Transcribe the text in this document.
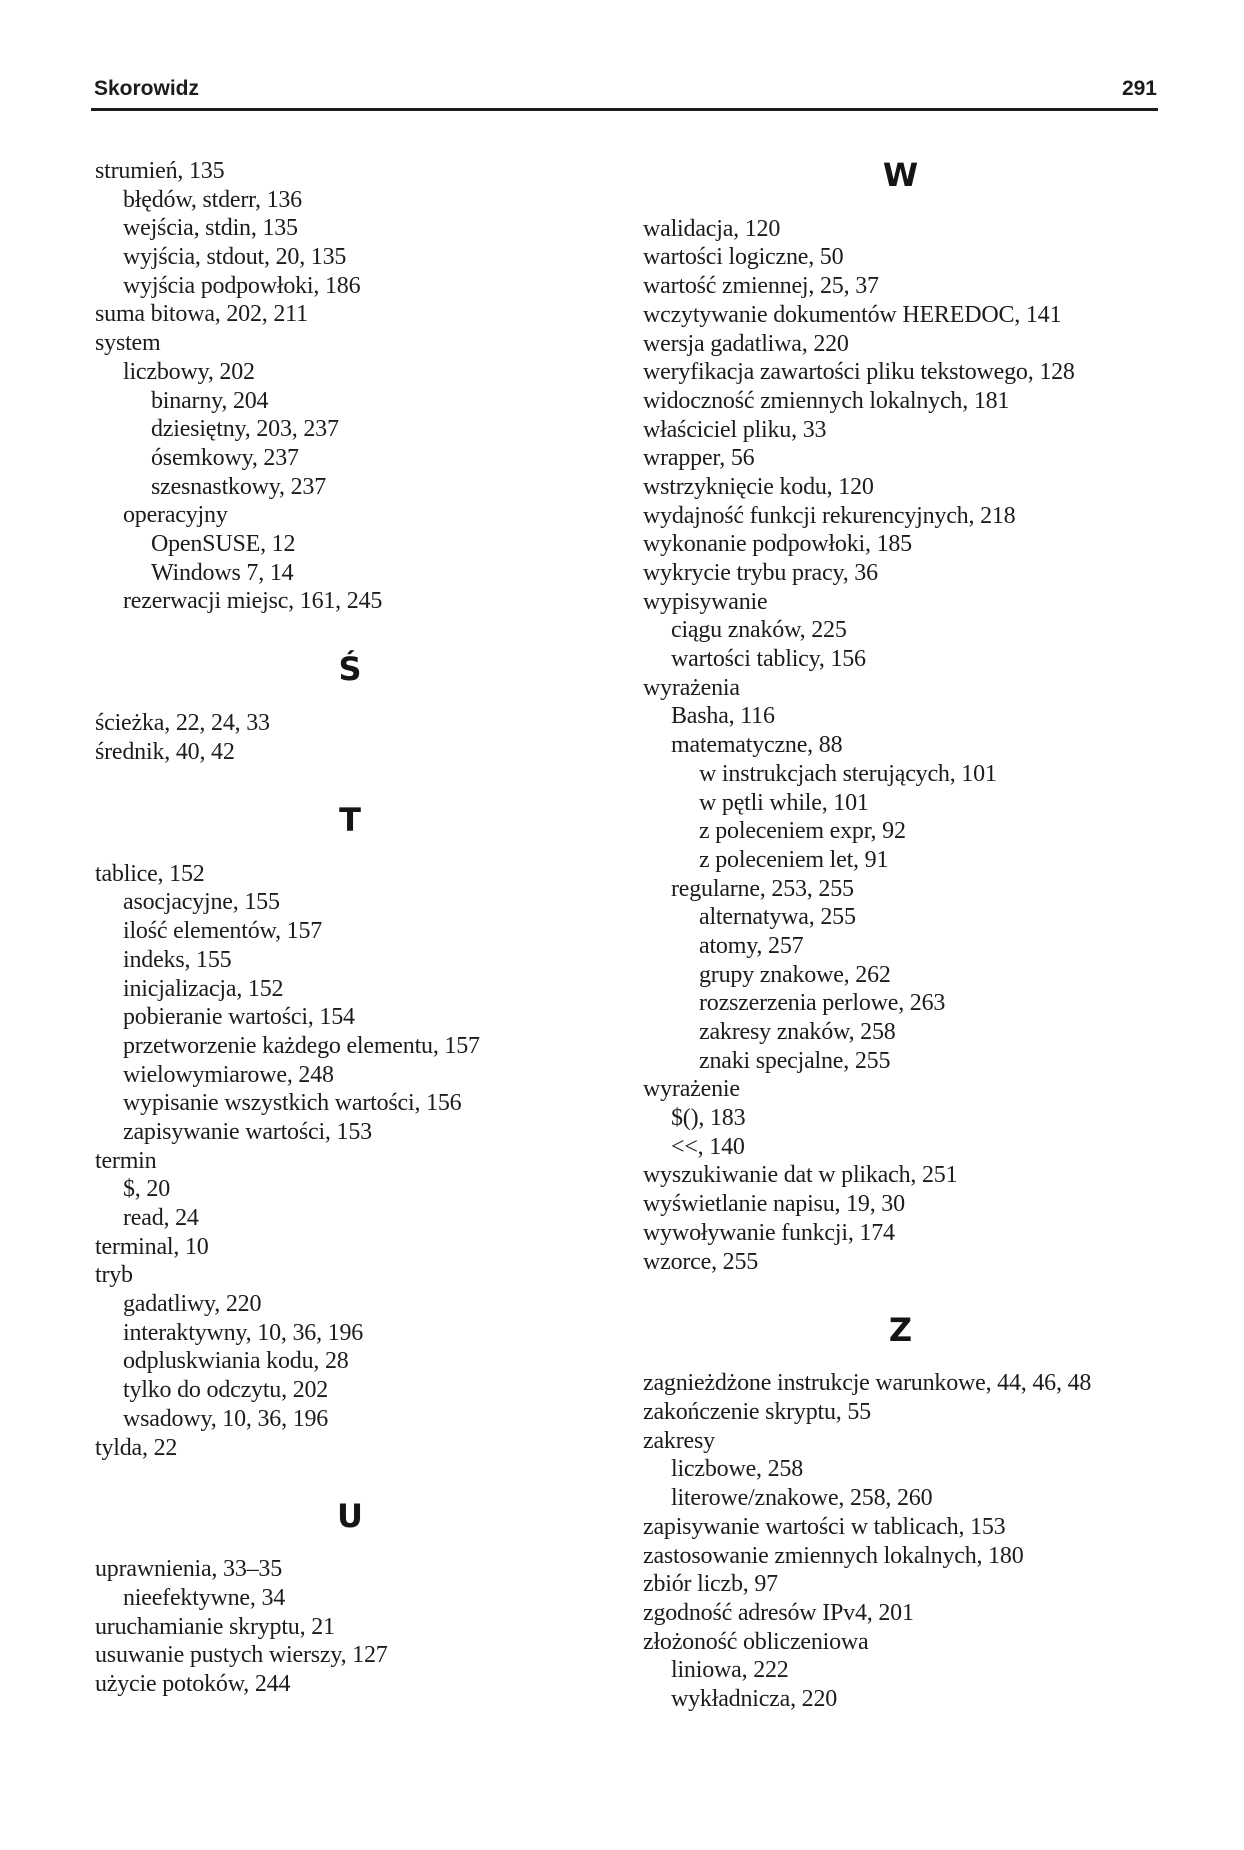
Skorowidz	291
strumień, 135
błędów, stderr, 136
wejścia, stdin, 135
wyjścia, stdout, 20, 135
wyjścia podpowłoki, 186
suma bitowa, 202, 211
system
liczbowy, 202
binarny, 204
dziesiętny, 203, 237
ósemkowy, 237
szesnastkowy, 237
operacyjny
OpenSUSE, 12
Windows 7, 14
rezerwacji miejsc, 161, 245
Ś
ścieżka, 22, 24, 33
średnik, 40, 42
T
tablice, 152
asocjacyjne, 155
ilość elementów, 157
indeks, 155
inicjalizacja, 152
pobieranie wartości, 154
przetworzenie każdego elementu, 157
wielowymiarowe, 248
wypisanie wszystkich wartości, 156
zapisywanie wartości, 153
termin
$, 20
read, 24
terminal, 10
tryb
gadatliwy, 220
interaktywny, 10, 36, 196
odpluskwiania kodu, 28
tylko do odczytu, 202
wsadowy, 10, 36, 196
tylda, 22
U
uprawnienia, 33–35
nieefektywne, 34
uruchamianie skryptu, 21
usuwanie pustych wierszy, 127
użycie potoków, 244
W
walidacja, 120
wartości logiczne, 50
wartość zmiennej, 25, 37
wczytywanie dokumentów HEREDOC, 141
wersja gadatliwa, 220
weryfikacja zawartości pliku tekstowego, 128
widoczność zmiennych lokalnych, 181
właściciel pliku, 33
wrapper, 56
wstrzyknięcie kodu, 120
wydajność funkcji rekurencyjnych, 218
wykonanie podpowłoki, 185
wykrycie trybu pracy, 36
wypisywanie
ciągu znaków, 225
wartości tablicy, 156
wyrażenia
Basha, 116
matematyczne, 88
w instrukcjach sterujących, 101
w pętli while, 101
z poleceniem expr, 92
z poleceniem let, 91
regularne, 253, 255
alternatywa, 255
atomy, 257
grupy znakowe, 262
rozszerzenia perlowe, 263
zakresy znaków, 258
znaki specjalne, 255
wyrażenie
$(), 183
<<, 140
wyszukiwanie dat w plikach, 251
wyświetlanie napisu, 19, 30
wywoływanie funkcji, 174
wzorce, 255
Z
zagnieżdżone instrukcje warunkowe, 44, 46, 48
zakończenie skryptu, 55
zakresy
liczbowe, 258
literowe/znakowe, 258, 260
zapisywanie wartości w tablicach, 153
zastosowanie zmiennych lokalnych, 180
zbiór liczb, 97
zgodność adresów IPv4, 201
złożoność obliczeniowa
liniowa, 222
wykładnicza, 220
